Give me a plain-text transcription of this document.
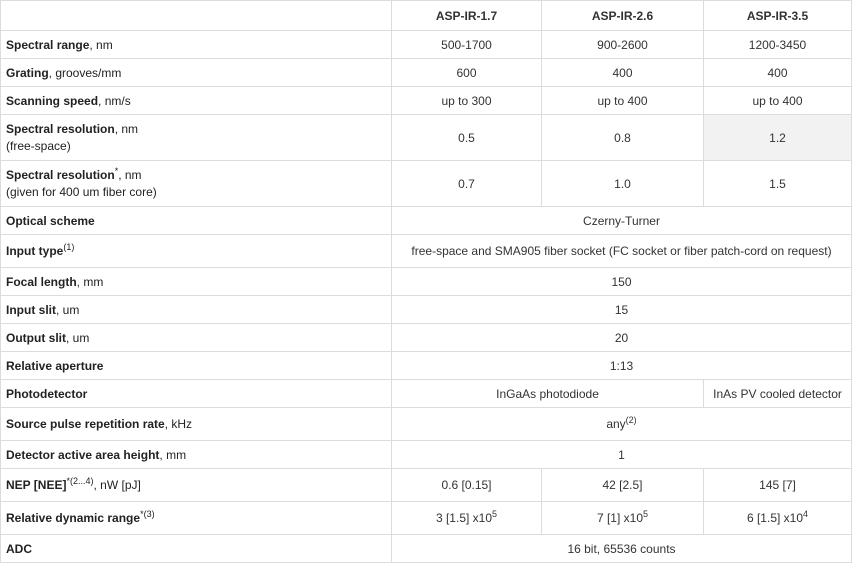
	ASP-IR-1.7	ASP-IR-2.6	ASP-IR-3.5
Spectral range, nm	500-1700	900-2600	1200-3450
Grating, grooves/mm	600	400	400
Scanning speed, nm/s	up to 300	up to 400	up to 400
Spectral resolution, nm
(free-space)	0.5	0.8	1.2
Spectral resolution*, nm
(given for 400 um fiber core)	0.7	1.0	1.5
Optical scheme	Czerny-Turner		
Input type$^{(1)}$	free-space and SMA905 fiber socket (FC socket or fiber patch-cord on request)		
Focal length, mm	150		
Input slit, um	15		
Output slit, um	20		
Relative aperture	1:13		
Photodetector	InGaAs photodiode		InAs PV cooled detector
Source pulse repetition rate, kHz	any$^{(2)}$
Detector active area height, mm	1		
NEP [NEE]$^{*(2...4)}$, nW [pJ]	0.6 [0.15]	42 [2.5]	145 [7]
Relative dynamic range$^{*(3)}$	3 [1.5] $x10^5$	7 [1] $x10^5$	6 [1.5] $x10^4$
ADC	16 bit, 65536 counts		
